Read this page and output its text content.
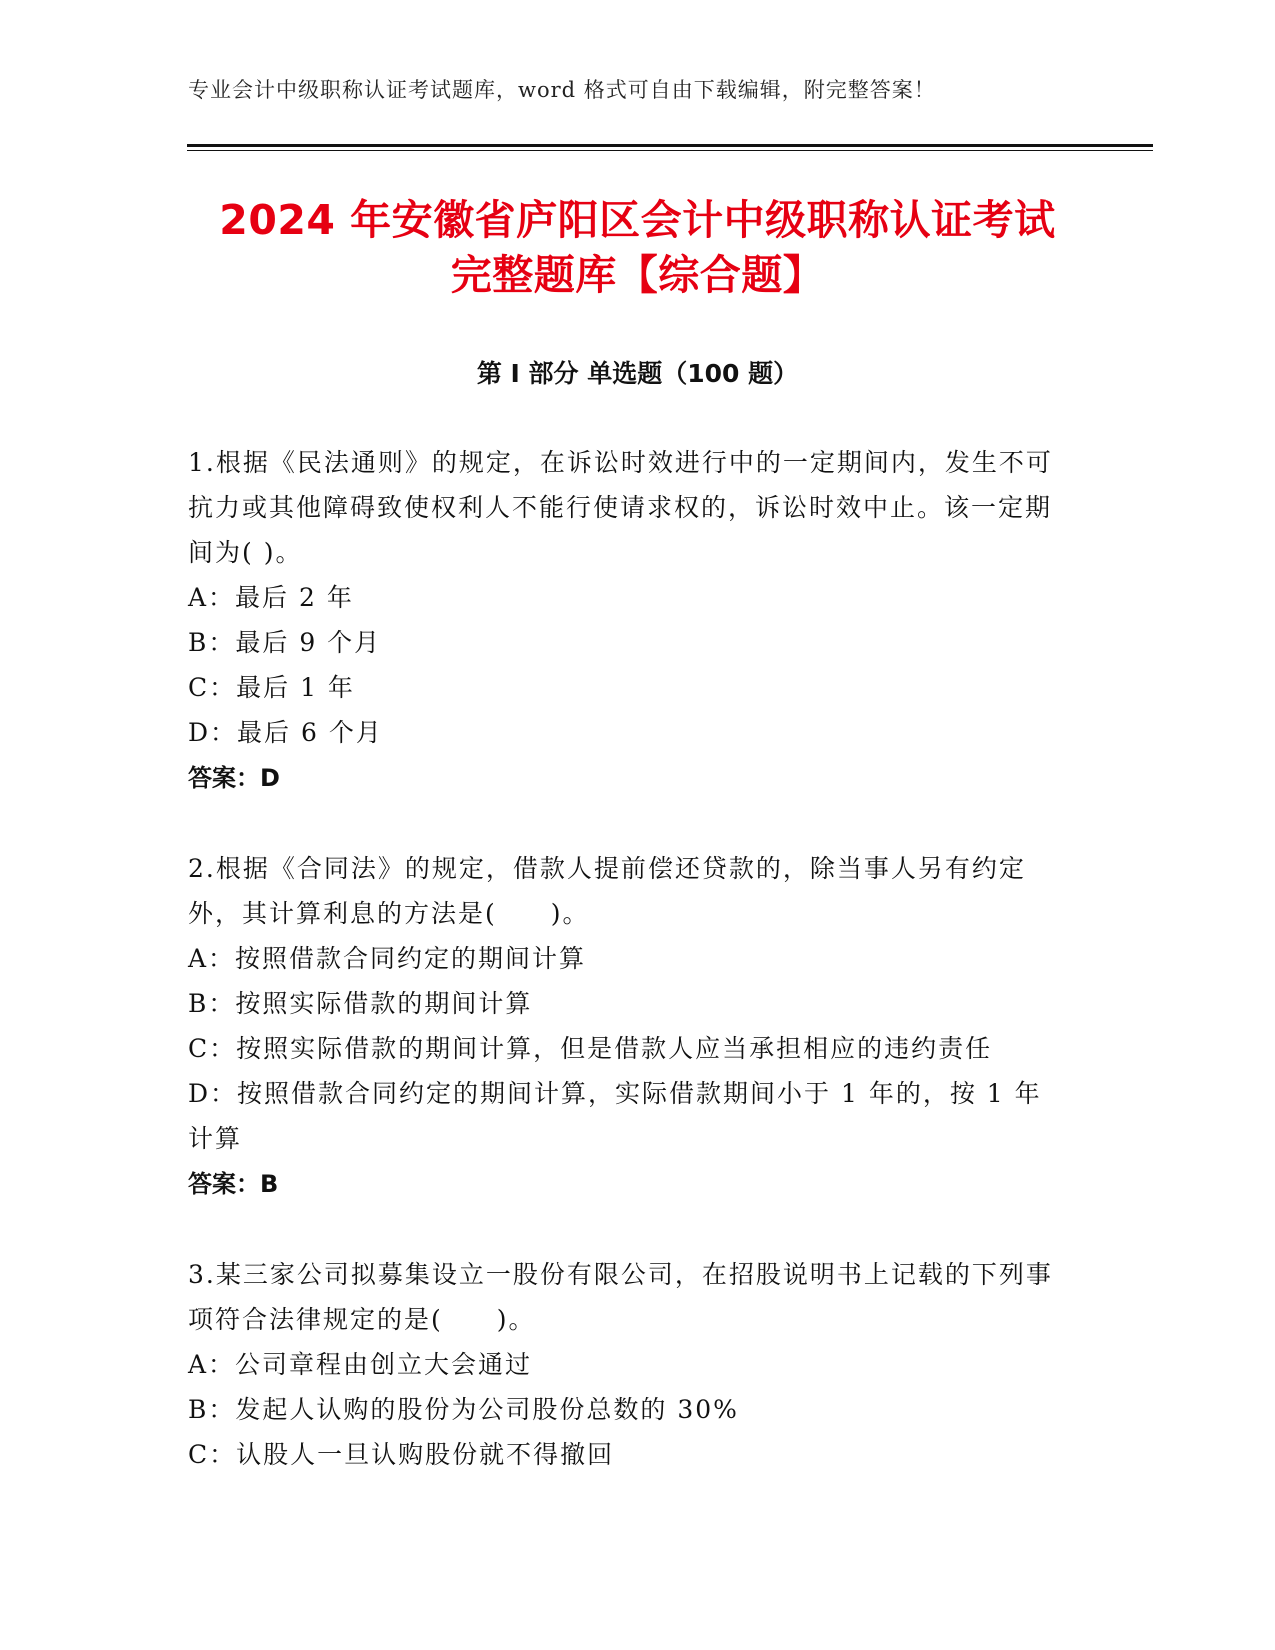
专业会计中级职称认证考试题库，word 格式可自由下载编辑，附完整答案！
2024 年安徽省庐阳区会计中级职称认证考试
完整题库【综合题】
第 I 部分 单选题（100 题）

1.根据《民法通则》的规定，在诉讼时效进行中的一定期间内，发生不可抗力或其他障碍致使权利人不能行使请求权的，诉讼时效中止。该一定期间为( )。

A：最后 2 年

B：最后 9 个月

C：最后 1 年

D：最后 6 个月

答案：D

2.根据《合同法》的规定，借款人提前偿还贷款的，除当事人另有约定外，其计算利息的方法是(　　)。

A：按照借款合同约定的期间计算

B：按照实际借款的期间计算

C：按照实际借款的期间计算，但是借款人应当承担相应的违约责任

D：按照借款合同约定的期间计算，实际借款期间小于 1 年的，按 1 年计算

答案：B

3.某三家公司拟募集设立一股份有限公司，在招股说明书上记载的下列事项符合法律规定的是(　　)。

A：公司章程由创立大会通过

B：发起人认购的股份为公司股份总数的 30%

C：认股人一旦认购股份就不得撤回
